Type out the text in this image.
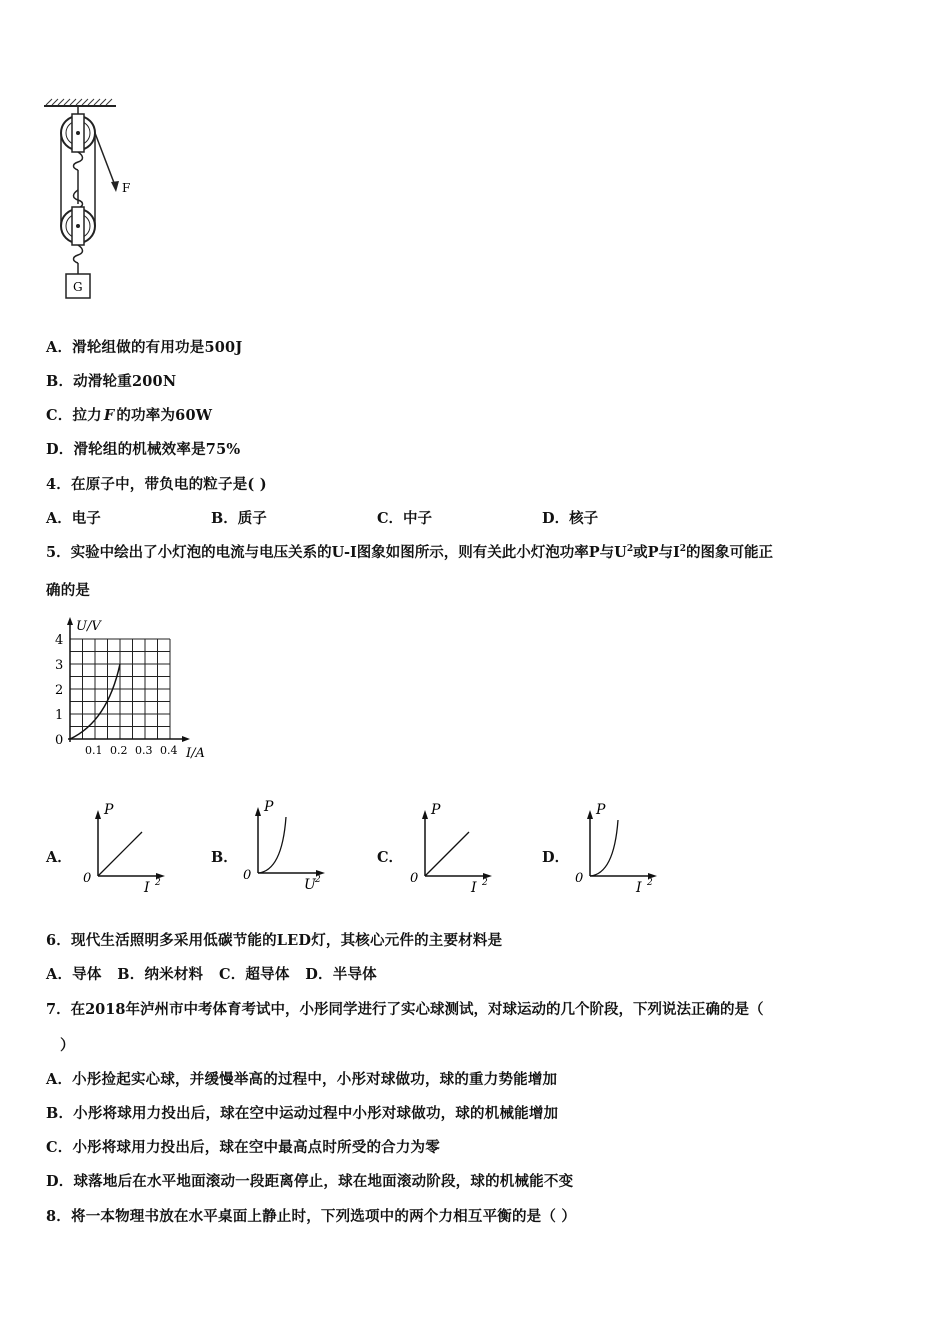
F
G
A．滑轮组做的有用功是500J
B．动滑轮重200N
C．拉力 F 的功率为60W
D．滑轮组的机械效率是75%
4．在原子中，带负电的粒子是( )
A．电子	B．质子	C．中子	D．核子
5．实验中绘出了小灯泡的电流与电压关系的U-I图象如图所示，则有关此小灯泡功率P与$U^2$或P与$I^2$的图象可能正
确的是
U/V
I/A
0
1
2
3
4
0.1 0.2 0.3 0.4
A．	B．	C．	D．
P
0
I 2
P
0
U 2
P
0
I 2
P
0
I 2
6．现代生活照明多采用低碳节能的LED灯，其核心元件的主要材料是
A．导体   B．纳米材料   C．超导体   D．半导体
7．在2018年泸州市中考体育考试中，小彤同学进行了实心球测试，对球运动的几个阶段，下列说法正确的是（
）
A．小彤捡起实心球，并缓慢举高的过程中，小彤对球做功，球的重力势能增加
B．小彤将球用力投出后，球在空中运动过程中小彤对球做功，球的机械能增加
C．小彤将球用力投出后，球在空中最高点时所受的合力为零
D．球落地后在水平地面滚动一段距离停止，球在地面滚动阶段，球的机械能不变
8．将一本物理书放在水平桌面上静止时，下列选项中的两个力相互平衡的是（ ）
